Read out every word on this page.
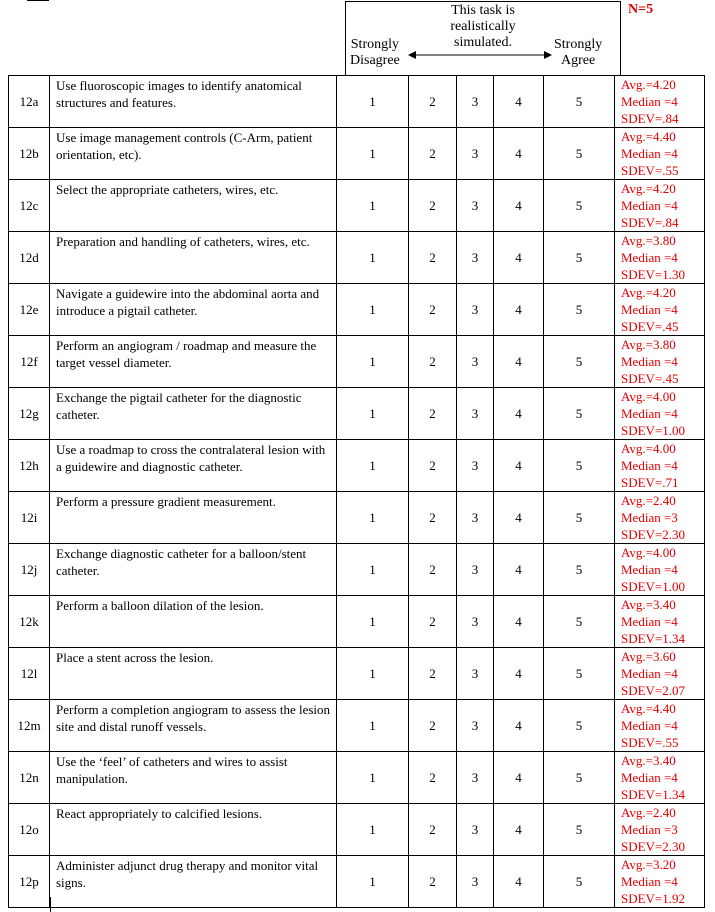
This task is
realistically
simulated.
Strongly
Disagree
Strongly
Agree
N=5
12a	Use fluoroscopic images to identify anatomical structures and features.	1	2	3	4	5	Avg.=4.20
Median =4
SDEV=.84

12b	Use image management controls (C-Arm, patient orientation, etc).	1	2	3	4	5	Avg.=4.40
Median =4
SDEV=.55

12c	Select the appropriate catheters, wires, etc.	1	2	3	4	5	Avg.=4.20
Median =4
SDEV=.84

12d	Preparation and handling of catheters, wires, etc.	1	2	3	4	5	Avg.=3.80
Median =4
SDEV=1.30

12e	Navigate a guidewire into the abdominal aorta and introduce a pigtail catheter.	1	2	3	4	5	Avg.=4.20
Median =4
SDEV=.45

12f	Perform an angiogram / roadmap and measure the target vessel diameter.	1	2	3	4	5	Avg.=3.80
Median =4
SDEV=.45

12g	Exchange the pigtail catheter for the diagnostic catheter.	1	2	3	4	5	Avg.=4.00
Median =4
SDEV=1.00

12h	Use a roadmap to cross the contralateral lesion with a guidewire and diagnostic catheter.	1	2	3	4	5	Avg.=4.00
Median =4
SDEV=.71

12i	Perform a pressure gradient measurement.	1	2	3	4	5	Avg.=2.40
Median =3
SDEV=2.30

12j	Exchange diagnostic catheter for a balloon/stent catheter.	1	2	3	4	5	Avg.=4.00
Median =4
SDEV=1.00

12k	Perform a balloon dilation of the lesion.	1	2	3	4	5	Avg.=3.40
Median =4
SDEV=1.34

12l	Place a stent across the lesion.	1	2	3	4	5	Avg.=3.60
Median =4
SDEV=2.07

12m	Perform a completion angiogram to assess the lesion site and distal runoff vessels.	1	2	3	4	5	Avg.=4.40
Median =4
SDEV=.55

12n	Use the ‘feel’ of catheters and wires to assist manipulation.	1	2	3	4	5	Avg.=3.40
Median =4
SDEV=1.34

12o	React appropriately to calcified lesions.	1	2	3	4	5	Avg.=2.40
Median =3
SDEV=2.30

12p	Administer adjunct drug therapy and monitor vital signs.	1	2	3	4	5	Avg.=3.20
Median =4
SDEV=1.92
